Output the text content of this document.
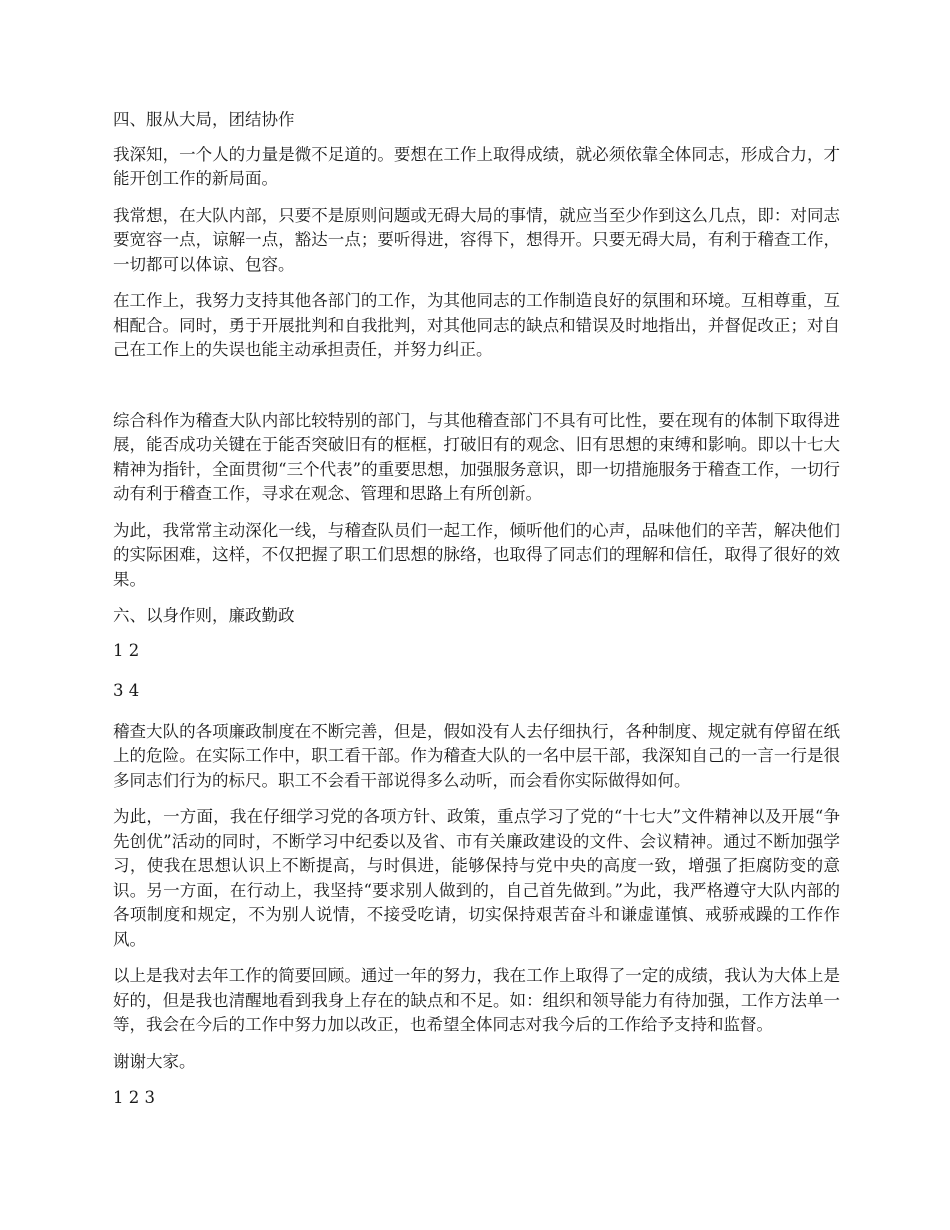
四、服从大局，团结协作

我深知，一个人的力量是微不足道的。要想在工作上取得成绩，就必须依靠全体同志，形成合力，才能开创工作的新局面。

我常想，在大队内部，只要不是原则问题或无碍大局的事情，就应当至少作到这么几点，即：对同志要宽容一点，谅解一点，豁达一点；要听得进，容得下，想得开。只要无碍大局，有利于稽查工作，一切都可以体谅、包容。

在工作上，我努力支持其他各部门的工作，为其他同志的工作制造良好的氛围和环境。互相尊重，互相配合。同时，勇于开展批判和自我批判，对其他同志的缺点和错误及时地指出，并督促改正；对自己在工作上的失误也能主动承担责任，并努力纠正。

综合科作为稽查大队内部比较特别的部门，与其他稽查部门不具有可比性，要在现有的体制下取得进展，能否成功关键在于能否突破旧有的框框，打破旧有的观念、旧有思想的束缚和影响。即以十七大精神为指针，全面贯彻“三个代表”的重要思想，加强服务意识，即一切措施服务于稽查工作，一切行动有利于稽查工作，寻求在观念、管理和思路上有所创新。

为此，我常常主动深化一线，与稽查队员们一起工作，倾听他们的心声，品味他们的辛苦，解决他们的实际困难，这样，不仅把握了职工们思想的脉络，也取得了同志们的理解和信任，取得了很好的效果。

六、以身作则，廉政勤政

1 2

3 4

稽查大队的各项廉政制度在不断完善，但是，假如没有人去仔细执行，各种制度、规定就有停留在纸上的危险。在实际工作中，职工看干部。作为稽查大队的一名中层干部，我深知自己的一言一行是很多同志们行为的标尺。职工不会看干部说得多么动听，而会看你实际做得如何。

为此，一方面，我在仔细学习党的各项方针、政策，重点学习了党的“十七大”文件精神以及开展“争先创优”活动的同时，不断学习中纪委以及省、市有关廉政建设的文件、会议精神。通过不断加强学习，使我在思想认识上不断提高，与时俱进，能够保持与党中央的高度一致，增强了拒腐防变的意识。另一方面，在行动上，我坚持“要求别人做到的，自己首先做到。”为此，我严格遵守大队内部的各项制度和规定，不为别人说情，不接受吃请，切实保持艰苦奋斗和谦虚谨慎、戒骄戒躁的工作作风。

以上是我对去年工作的简要回顾。通过一年的努力，我在工作上取得了一定的成绩，我认为大体上是好的，但是我也清醒地看到我身上存在的缺点和不足。如：组织和领导能力有待加强，工作方法单一等，我会在今后的工作中努力加以改正，也希望全体同志对我今后的工作给予支持和监督。

谢谢大家。

1 2 3
